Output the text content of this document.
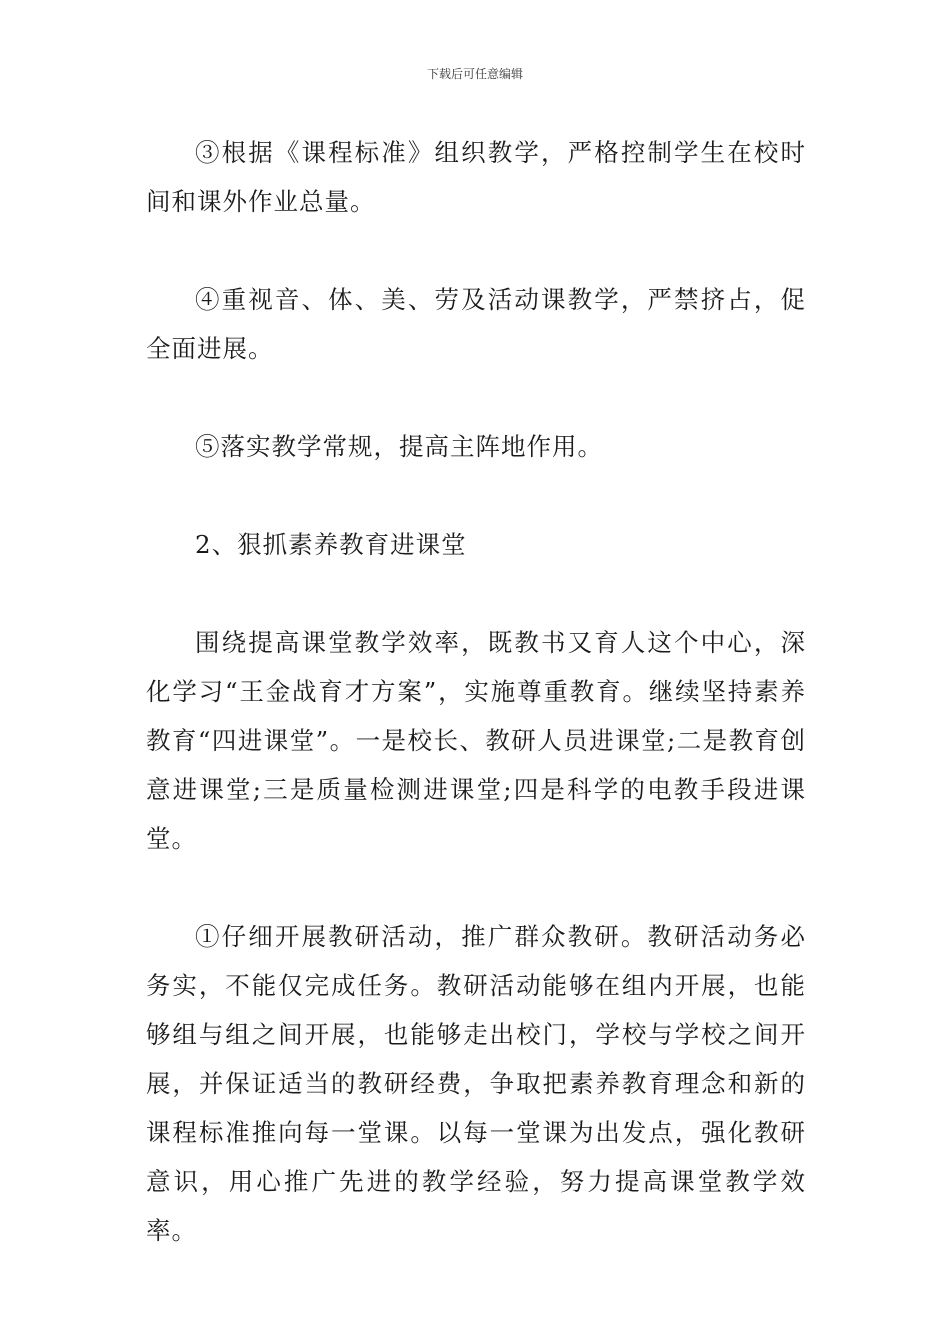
下载后可任意编辑

③根据《课程标准》组织教学，严格控制学生在校时间和课外作业总量。

④重视音、体、美、劳及活动课教学，严禁挤占，促全面进展。

⑤落实教学常规，提高主阵地作用。

2、狠抓素养教育进课堂

围绕提高课堂教学效率，既教书又育人这个中心，深化学习“王金战育才方案”，实施尊重教育。继续坚持素养教育“四进课堂”。一是校长、教研人员进课堂;二是教育创意进课堂;三是质量检测进课堂;四是科学的电教手段进课堂。

①仔细开展教研活动，推广群众教研。教研活动务必务实，不能仅完成任务。教研活动能够在组内开展，也能够组与组之间开展，也能够走出校门，学校与学校之间开展，并保证适当的教研经费，争取把素养教育理念和新的课程标准推向每一堂课。以每一堂课为出发点，强化教研意识，用心推广先进的教学经验，努力提高课堂教学效率。
